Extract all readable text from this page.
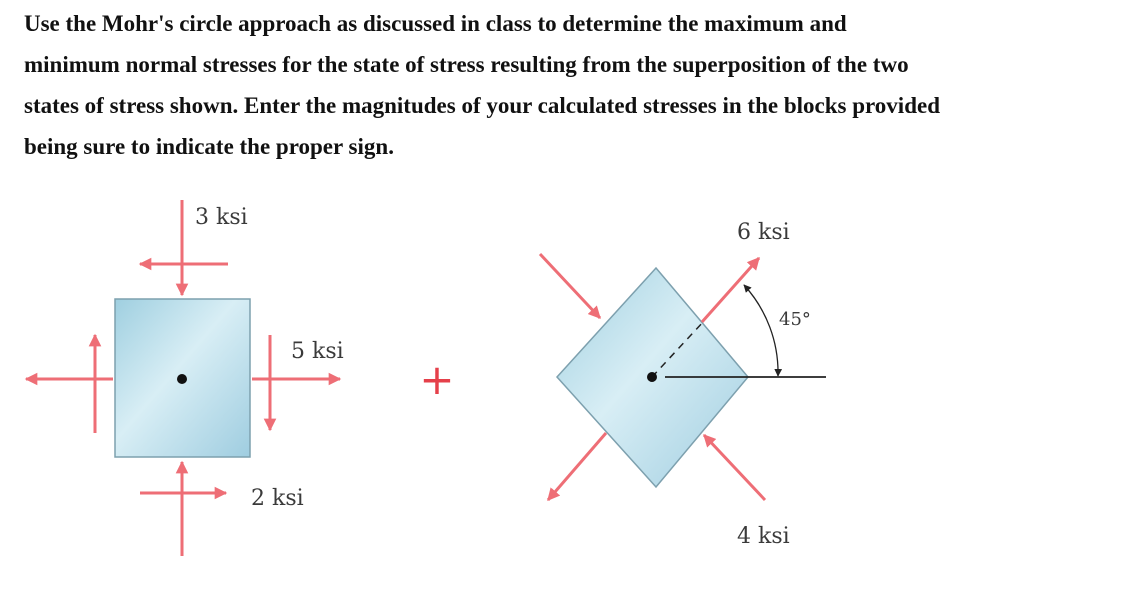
Use the Mohr's circle approach as discussed in class to determine the maximum and
minimum normal stresses for the state of stress resulting from the superposition of the two
states of stress shown. Enter the magnitudes of your calculated stresses in the blocks provided
being sure to indicate the proper sign.

3 ksi
5 ksi
2 ksi
+
6 ksi
45°
4 ksi
